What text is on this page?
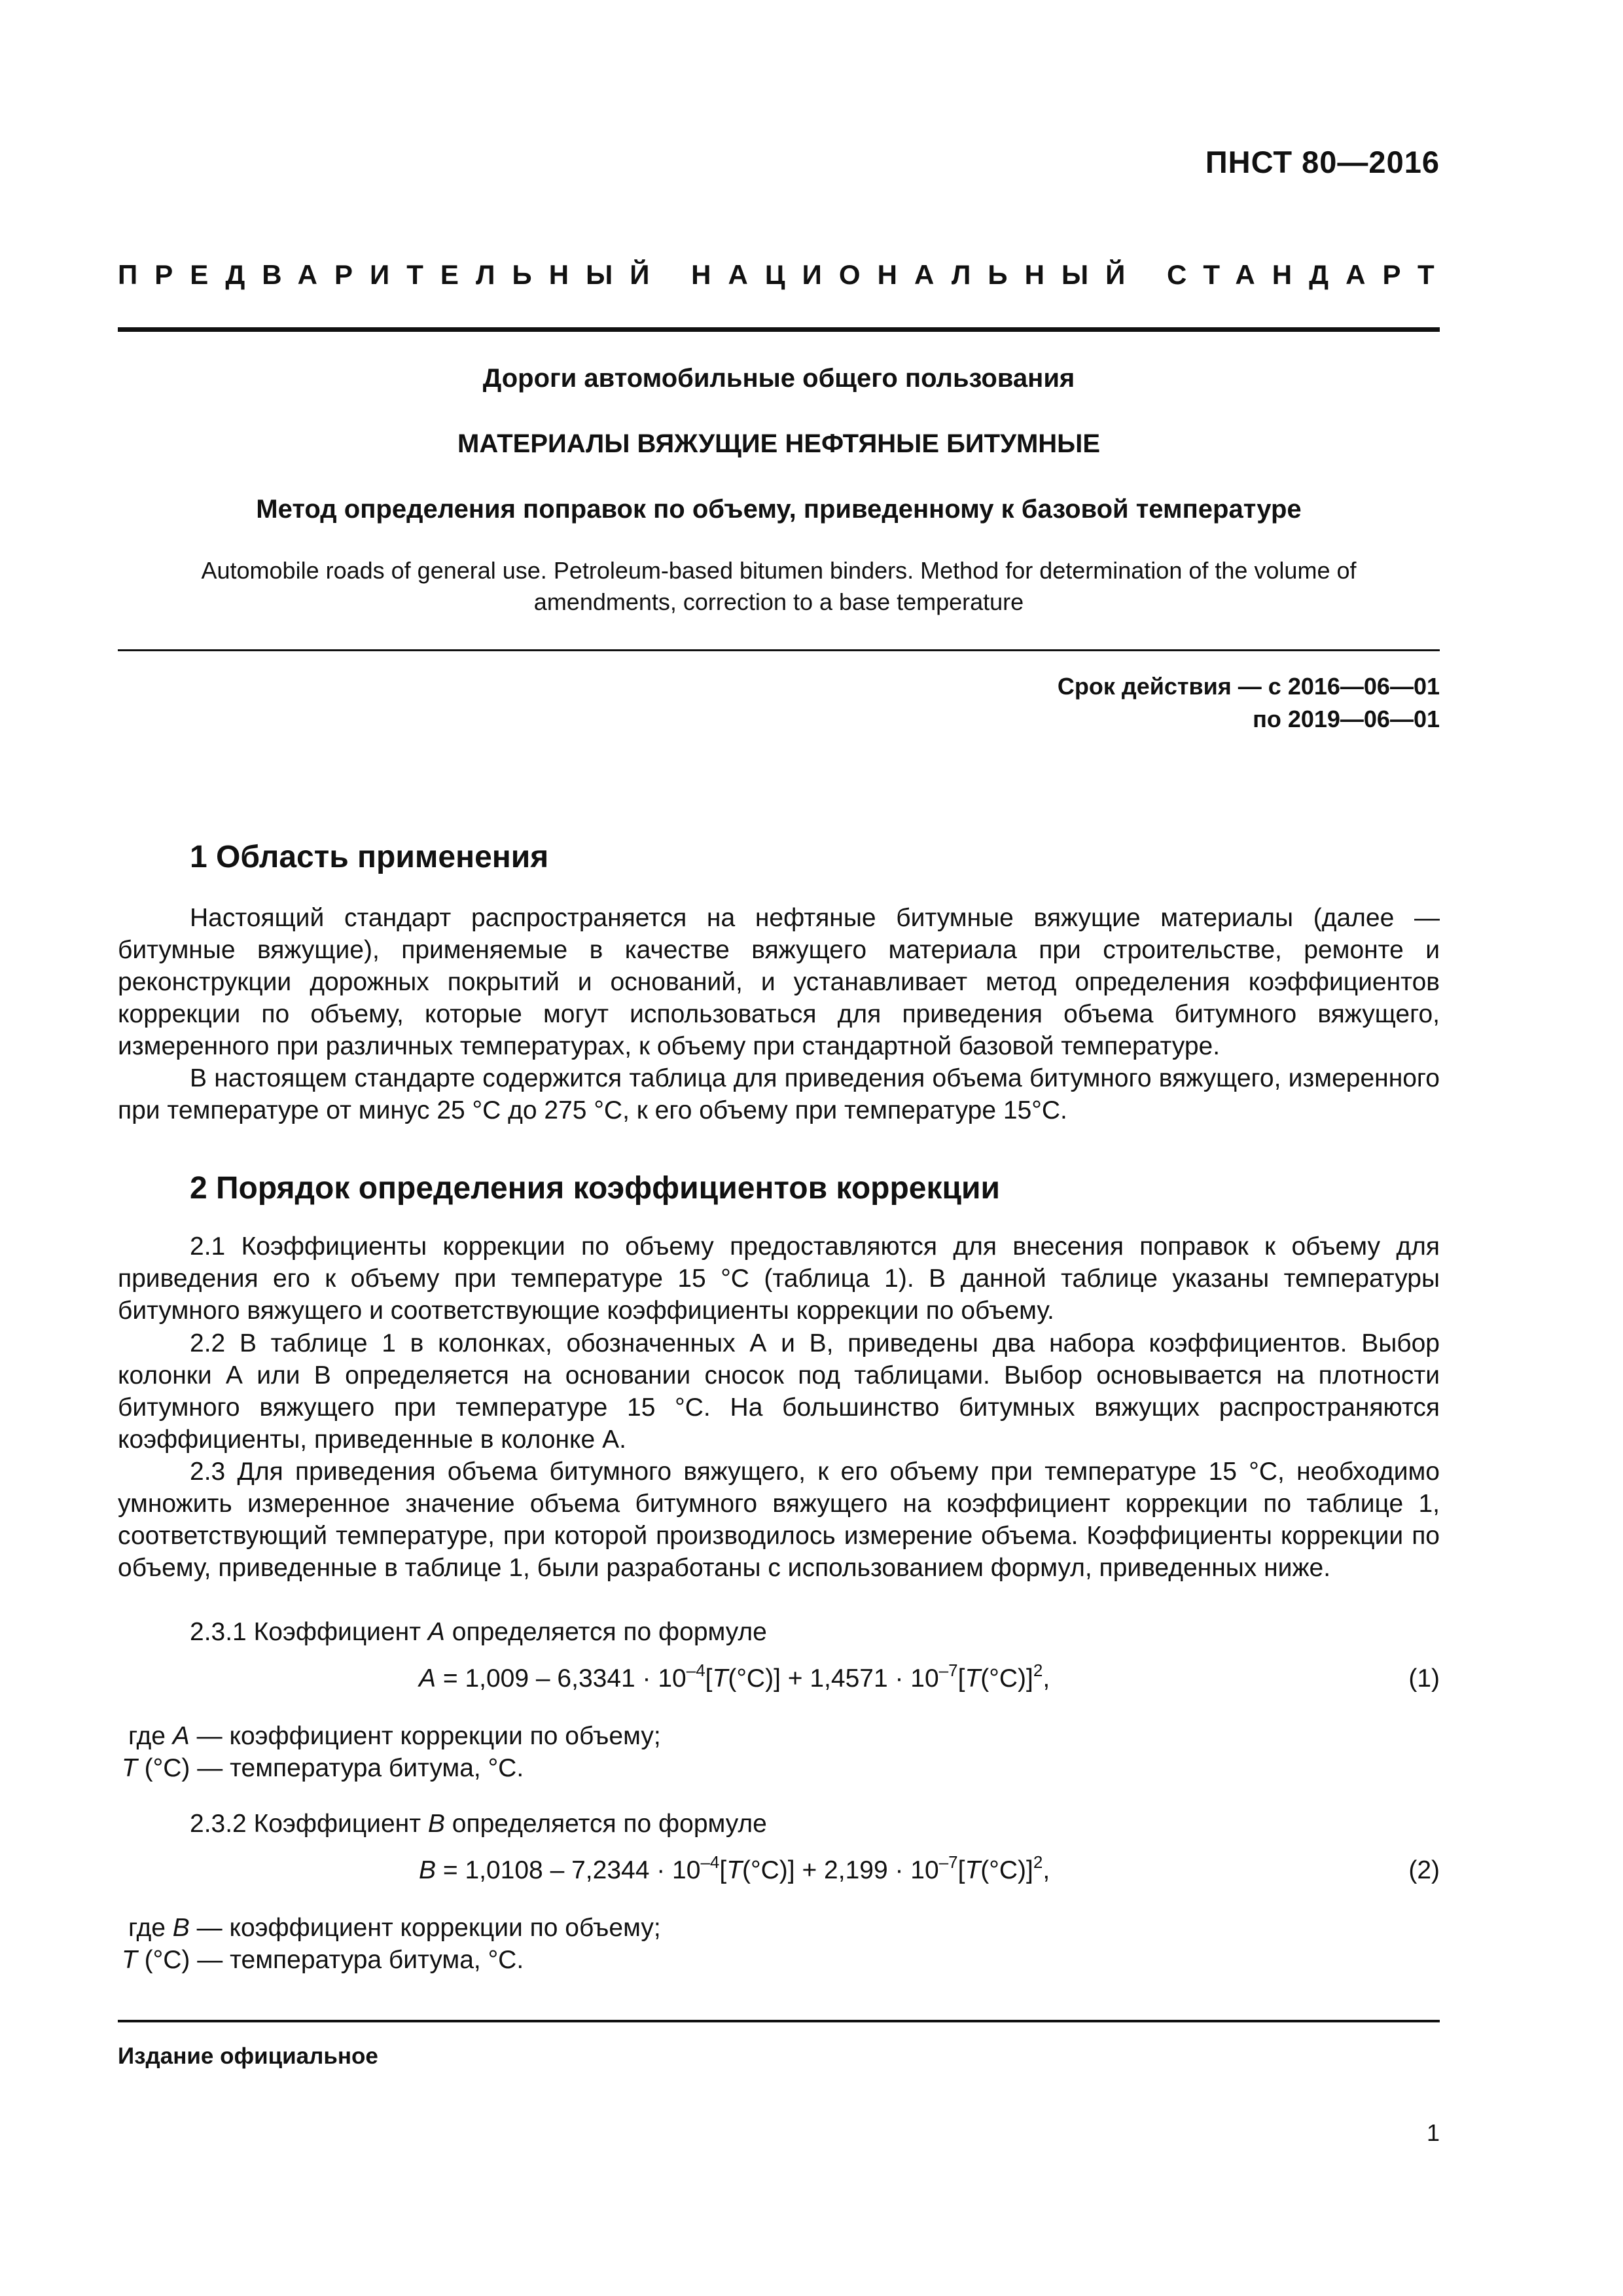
ПНСТ 80—2016
ПРЕДВАРИТЕЛЬНЫЙ НАЦИОНАЛЬНЫЙ СТАНДАРТ
Дороги автомобильные общего пользования
МАТЕРИАЛЫ ВЯЖУЩИЕ НЕФТЯНЫЕ БИТУМНЫЕ
Метод определения поправок по объему, приведенному к базовой температуре
Automobile roads of general use. Petroleum-based bitumen binders. Method for determination of the volume of amendments, correction to a base temperature
Срок действия — с 2016—06—01
по 2019—06—01
1 Область применения
Настоящий стандарт распространяется на нефтяные битумные вяжущие материалы (далее — битумные вяжущие), применяемые в качестве вяжущего материала при строительстве, ремонте и реконструкции дорожных покрытий и оснований, и устанавливает метод определения коэффициентов коррекции по объему, которые могут использоваться для приведения объема битумного вяжущего, измеренного при различных температурах, к объему при стандартной базовой температуре.
В настоящем стандарте содержится таблица для приведения объема битумного вяжущего, измеренного при температуре от минус 25 °С до 275 °С, к его объему при температуре 15°С.
2 Порядок определения коэффициентов коррекции
2.1 Коэффициенты коррекции по объему предоставляются для внесения поправок к объему для приведения его к объему при температуре 15 °С (таблица 1). В данной таблице указаны температуры битумного вяжущего и соответствующие коэффициенты коррекции по объему.
2.2 В таблице 1 в колонках, обозначенных А и В, приведены два набора коэффициентов. Выбор колонки А или В определяется на основании сносок под таблицами. Выбор основывается на плотности битумного вяжущего при температуре 15 °С. На большинство битумных вяжущих распространяются коэффициенты, приведенные в колонке А.
2.3 Для приведения объема битумного вяжущего, к его объему при температуре 15 °С, необходимо умножить измеренное значение объема битумного вяжущего на коэффициент коррекции по таблице 1, соответствующий температуре, при которой производилось измерение объема. Коэффициенты коррекции по объему, приведенные в таблице 1, были разработаны с использованием формул, приведенных ниже.
2.3.1 Коэффициент А определяется по формуле
$А = 1,009 - 6,3341 \cdot 10^{-4}[Т(^\circ C)] + 1,4571 \cdot 10^{-7}[Т(^\circ C)]^2$,	(1)
где А — коэффициент коррекции по объему;
Т (°С) — температура битума, °С.
2.3.2 Коэффициент В определяется по формуле
$В = 1,0108 - 7,2344 \cdot 10^{-4}[Т(^\circ С)] + 2,199 \cdot 10^{-7}[Т(^\circ С)]^2$,	(2)
где В — коэффициент коррекции по объему;
Т (°С) — температура битума, °С.
Издание официальное
1
